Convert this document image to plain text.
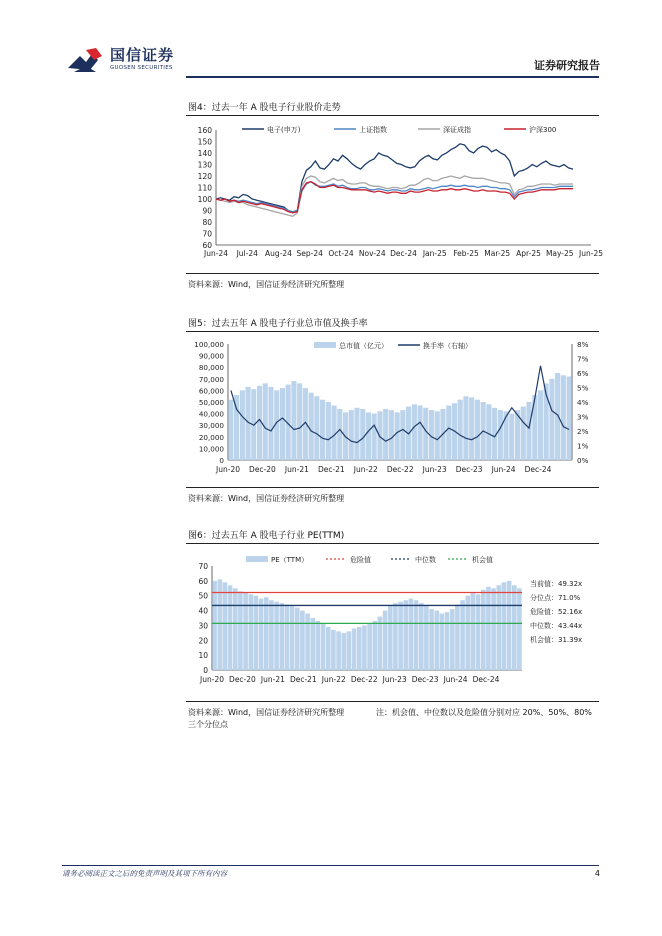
国信证券
GUOSEN SECURITIES	证券研究报告
图4：过去一年 A 股电子行业股价走势
60
70
80
90
100
110
120
130
140
150
160
Jun-24 Jul-24 Aug-24 Sep-24 Oct-24 Nov-24 Dec-24 Jan-25 Feb-25 Mar-25 Apr-25 May-25 Jun-25
电子(申万)	上证指数	深证成指	沪深300
资料来源：Wind，国信证券经济研究所整理
图5：过去五年 A 股电子行业总市值及换手率
0
10,000
20,000
30,000
40,000
50,000
60,000
70,000
80,000
90,000
100,000
0%
1%
2%
3%
4%
5%
6%
7%
8%
Jun-20 Dec-20 Jun-21 Dec-21 Jun-22 Dec-22 Jun-23 Dec-23 Jun-24 Dec-24
总市值（亿元）	换手率（右轴）
资料来源：Wind，国信证券经济研究所整理
图6：过去五年 A 股电子行业 PE(TTM)
0
10
20
30
40
50
60
70
Jun-20 Dec-20 Jun-21 Dec-21 Jun-22 Dec-22 Jun-23 Dec-23 Jun-24 Dec-24
PE（TTM）	危险值	中位数	机会值
当前值：49.32x
分位点：71.0%
危险值：52.16x
中位数：43.44x
机会值：31.39x
资料来源：Wind，国信证券经济研究所整理	注：机会值、中位数以及危险值分别对应 20%、50%、80%
三个分位点
请务必阅读正文之后的免责声明及其项下所有内容	4
